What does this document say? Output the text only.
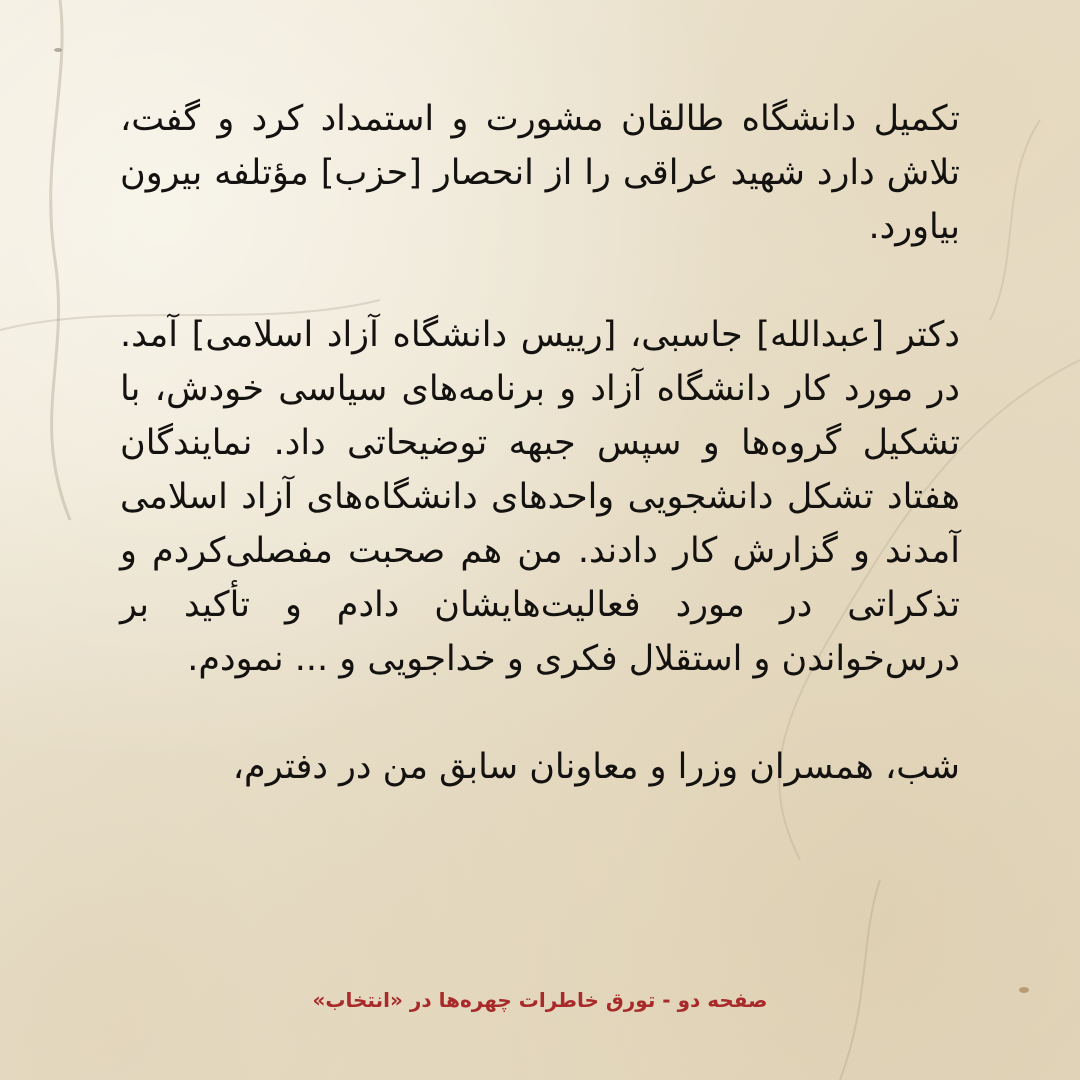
تکمیل دانشگاه طالقان مشورت و استمداد کرد و گفت، تلاش دارد شهید عراقی را از انحصار [حزب] مؤتلفه بیرون بیاورد.

دکتر [عبدالله] جاسبی، [رییس دانشگاه آزاد اسلامی] آمد. در مورد کار دانشگاه آزاد و برنامه‌های سیاسی خودش، با تشکیل گروه‌ها و سپس جبهه توضیحاتی داد. نمایندگان هفتاد تشکل دانشجویی واحدهای دانشگاه‌های آزاد اسلامی آمدند و گزارش کار دادند. من هم صحبت مفصلی‌کردم و تذکراتی در مورد فعالیت‌هایشان دادم و تأکید بر درس‌خواندن و استقلال فکری و خداجویی و ... نمودم.

شب، همسران وزرا و معاونان سابق من در دفترم،

صفحه دو - تورق خاطرات چهره‌ها در «انتخاب»
